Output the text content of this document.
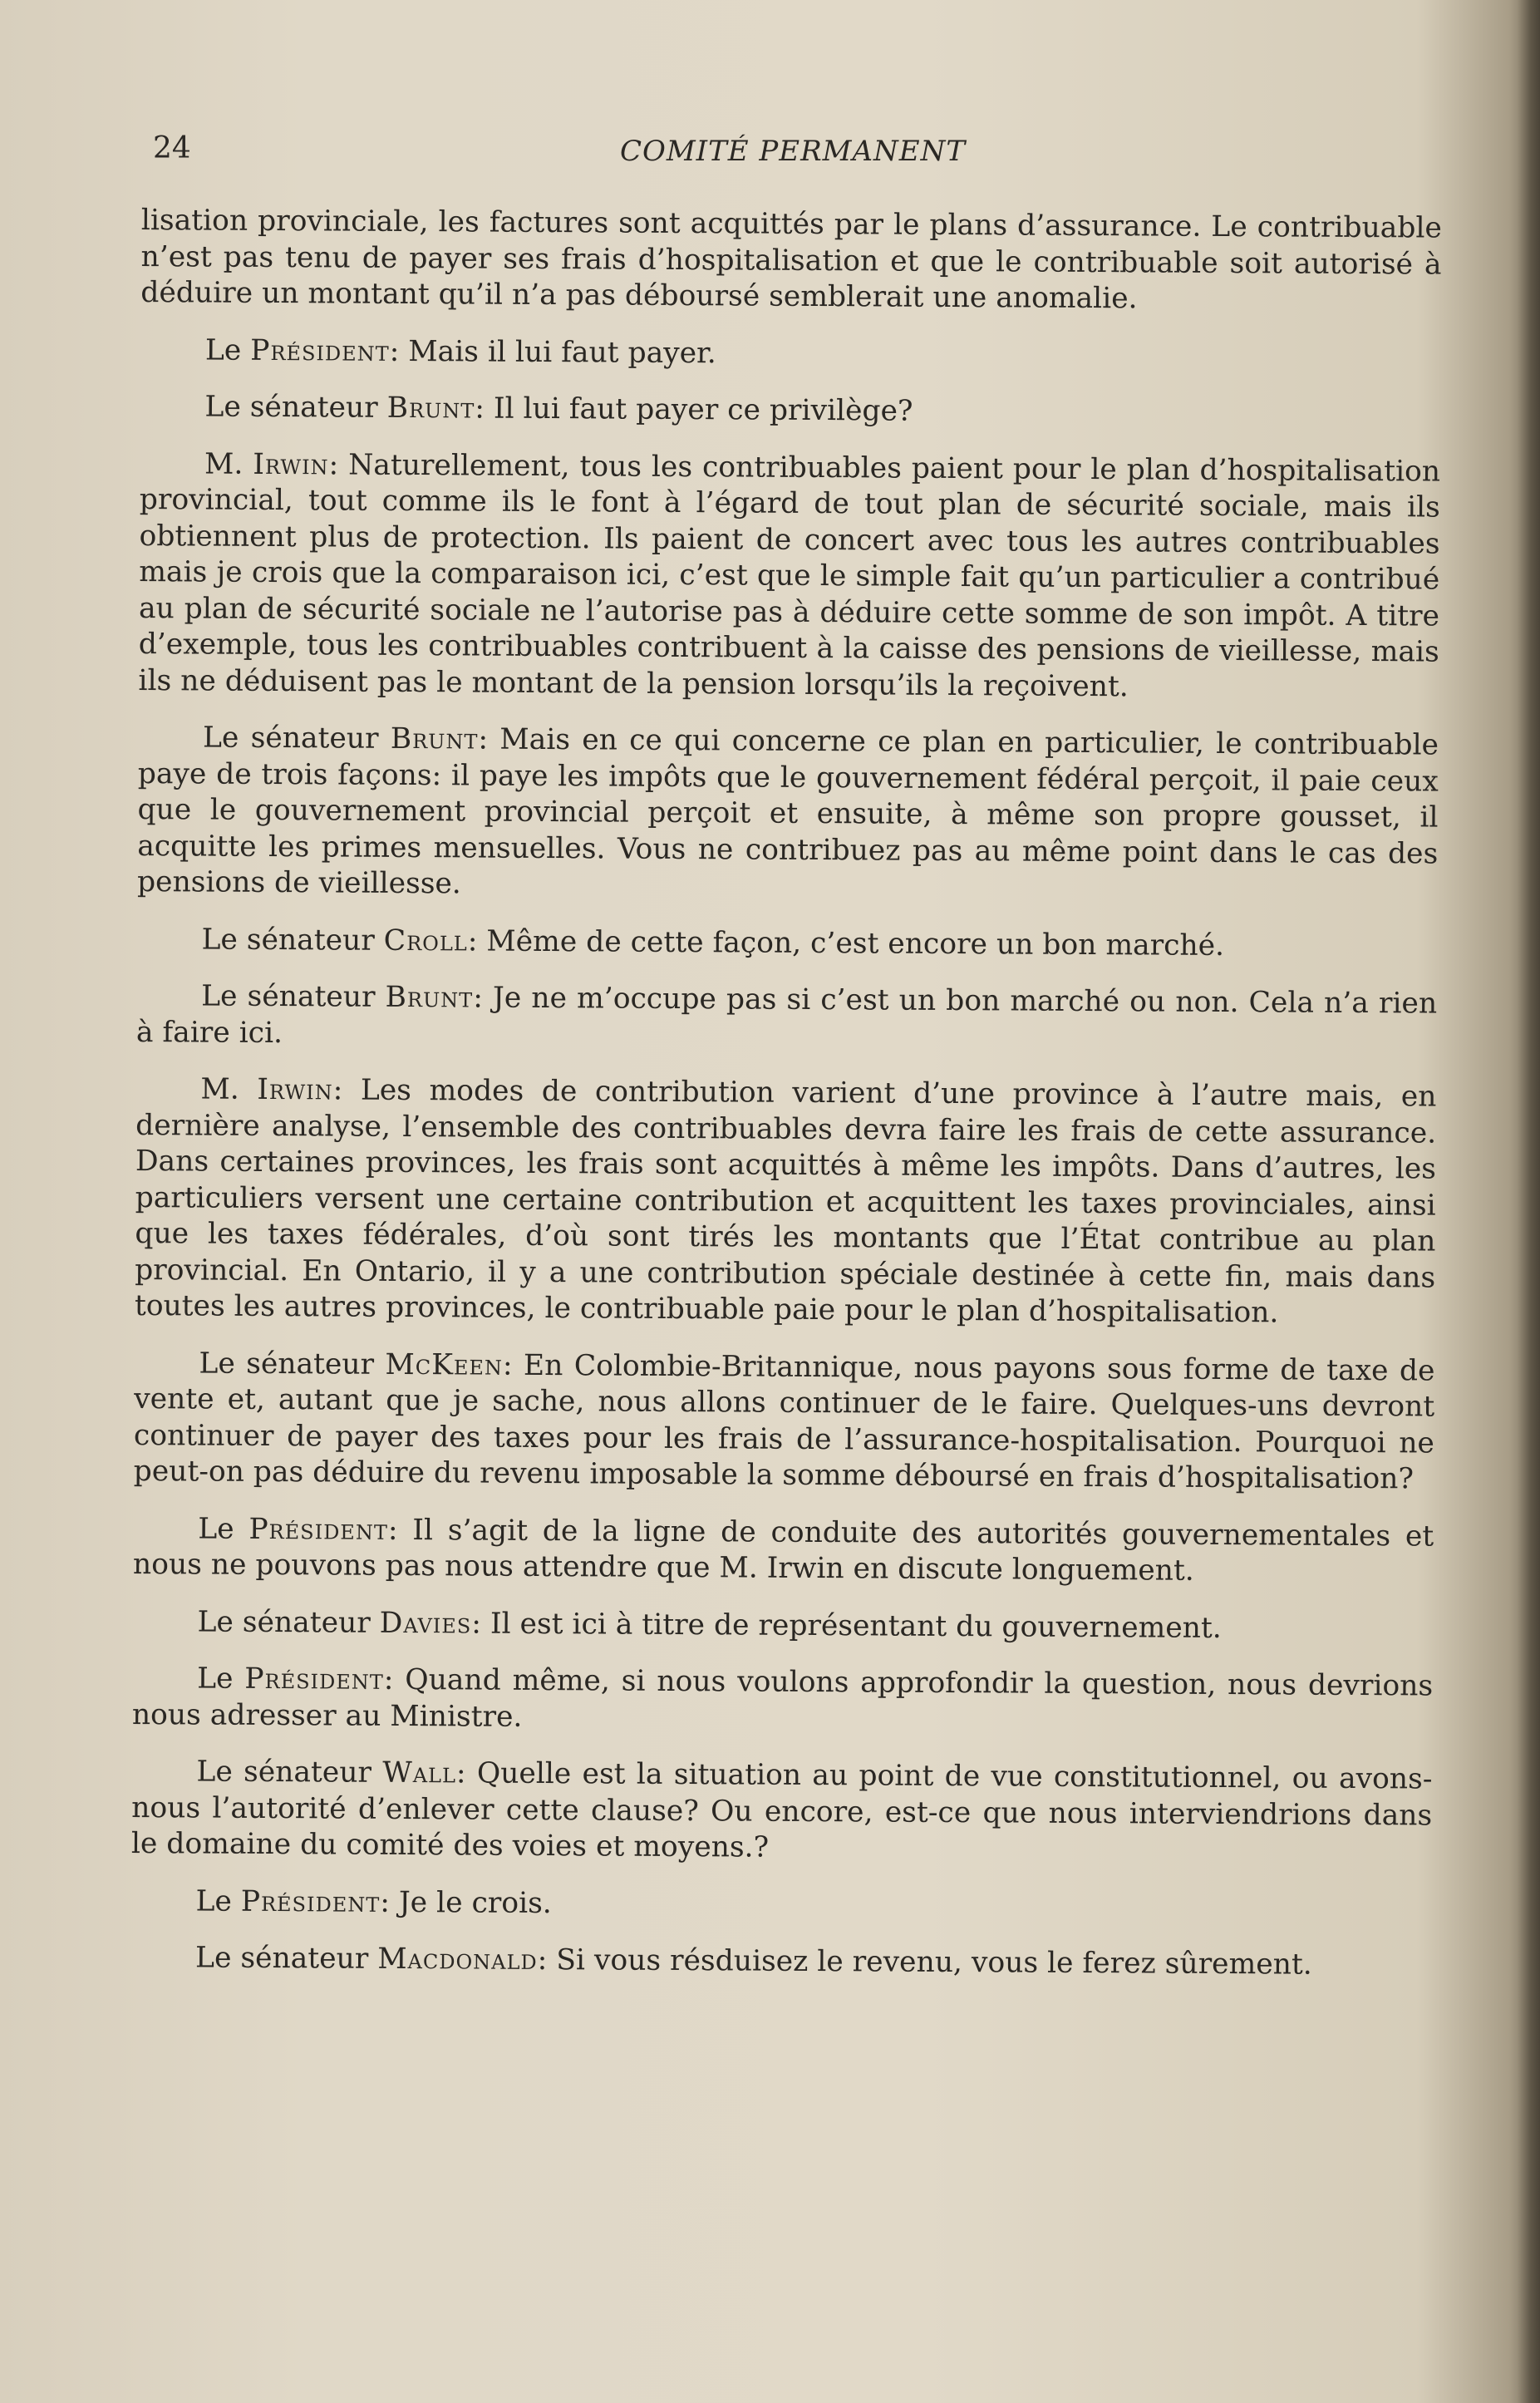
24	COMITÉ PERMANENT

lisation provinciale, les factures sont acquittés par le plans d’assurance. Le contribuable n’est pas tenu de payer ses frais d’hospitalisation et que le contribuable soit autorisé à déduire un montant qu’il n’a pas déboursé semblerait une anomalie.

Le Président: Mais il lui faut payer.

Le sénateur Brunt: Il lui faut payer ce privilège?

M. Irwin: Naturellement, tous les contribuables paient pour le plan d’hospitalisation provincial, tout comme ils le font à l’égard de tout plan de sécurité sociale, mais ils obtiennent plus de protection. Ils paient de concert avec tous les autres contribuables mais je crois que la comparaison ici, c’est que le simple fait qu’un particulier a contribué au plan de sécurité sociale ne l’autorise pas à déduire cette somme de son impôt. A titre d’exemple, tous les contribuables contribuent à la caisse des pensions de vieillesse, mais ils ne déduisent pas le montant de la pension lorsqu’ils la reçoivent.

Le sénateur Brunt: Mais en ce qui concerne ce plan en particulier, le contribuable paye de trois façons: il paye les impôts que le gouvernement fédéral perçoit, il paie ceux que le gouvernement provincial perçoit et ensuite, à même son propre gousset, il acquitte les primes mensuelles. Vous ne contribuez pas au même point dans le cas des pensions de vieillesse.

Le sénateur Croll: Même de cette façon, c’est encore un bon marché.

Le sénateur Brunt: Je ne m’occupe pas si c’est un bon marché ou non. Cela n’a rien à faire ici.

M. Irwin: Les modes de contribution varient d’une province à l’autre mais, en dernière analyse, l’ensemble des contribuables devra faire les frais de cette assurance. Dans certaines provinces, les frais sont acquittés à même les impôts. Dans d’autres, les particuliers versent une certaine contribution et acquittent les taxes provinciales, ainsi que les taxes fédérales, d’où sont tirés les montants que l’État contribue au plan provincial. En Ontario, il y a une contribution spéciale destinée à cette fin, mais dans toutes les autres provinces, le contribuable paie pour le plan d’hospitalisation.

Le sénateur McKeen: En Colombie-Britannique, nous payons sous forme de taxe de vente et, autant que je sache, nous allons continuer de le faire. Quelques-uns devront continuer de payer des taxes pour les frais de l’assurance-hospitalisation. Pourquoi ne peut-on pas déduire du revenu imposable la somme déboursé en frais d’hospitalisation?

Le Président: Il s’agit de la ligne de conduite des autorités gouvernementales et nous ne pouvons pas nous attendre que M. Irwin en discute longuement.

Le sénateur Davies: Il est ici à titre de représentant du gouvernement.

Le Président: Quand même, si nous voulons approfondir la question, nous devrions nous adresser au Ministre.

Le sénateur Wall: Quelle est la situation au point de vue constitutionnel, ou avons-nous l’autorité d’enlever cette clause? Ou encore, est-ce que nous interviendrions dans le domaine du comité des voies et moyens.?

Le Président: Je le crois.

Le sénateur Macdonald: Si vous résduisez le revenu, vous le ferez sûrement.
